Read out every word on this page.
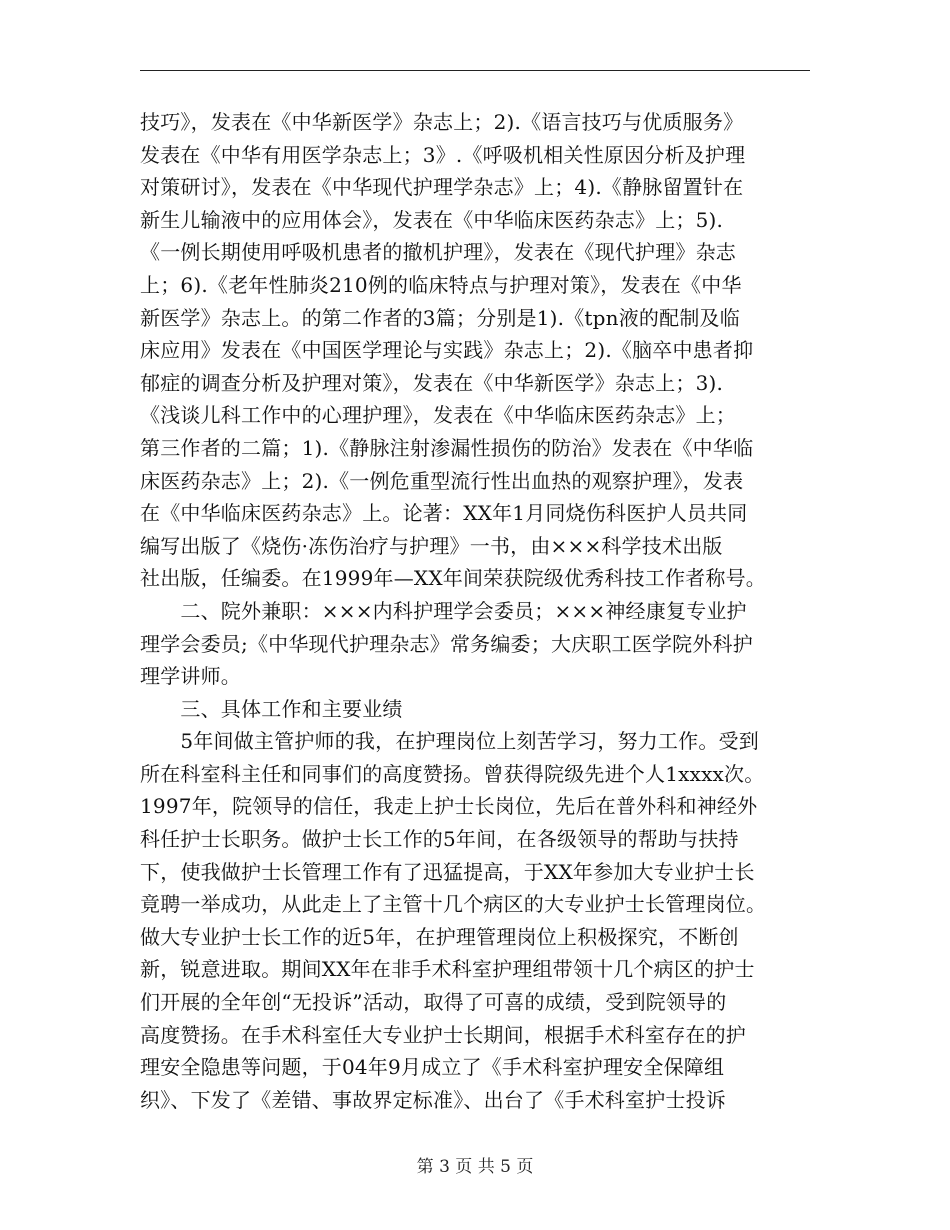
技巧》，发表在《中华新医学》杂志上；2).《语言技巧与优质服务》
发表在《中华有用医学杂志上；3》.《呼吸机相关性原因分析及护理
对策研讨》，发表在《中华现代护理学杂志》上；4).《静脉留置针在
新生儿输液中的应用体会》，发表在《中华临床医药杂志》上；5).
《一例长期使用呼吸机患者的撤机护理》，发表在《现代护理》杂志
上；6).《老年性肺炎210例的临床特点与护理对策》，发表在《中华
新医学》杂志上。的第二作者的3篇；分别是1).《tpn液的配制及临
床应用》发表在《中国医学理论与实践》杂志上；2).《脑卒中患者抑
郁症的调查分析及护理对策》，发表在《中华新医学》杂志上；3).
《浅谈儿科工作中的心理护理》，发表在《中华临床医药杂志》上；
第三作者的二篇；1).《静脉注射渗漏性损伤的防治》发表在《中华临
床医药杂志》上；2).《一例危重型流行性出血热的观察护理》，发表
在《中华临床医药杂志》上。论著：XX年1月同烧伤科医护人员共同
编写出版了《烧伤·冻伤治疗与护理》一书，由×××科学技术出版
社出版，任编委。在1999年—XX年间荣获院级优秀科技工作者称号。
　　二、院外兼职：×××内科护理学会委员；×××神经康复专业护
理学会委员;《中华现代护理杂志》常务编委；大庆职工医学院外科护
理学讲师。
　　三、具体工作和主要业绩
　　5年间做主管护师的我，在护理岗位上刻苦学习，努力工作。受到
所在科室科主任和同事们的高度赞扬。曾获得院级先进个人1xxxx次。
1997年，院领导的信任，我走上护士长岗位，先后在普外科和神经外
科任护士长职务。做护士长工作的5年间，在各级领导的帮助与扶持
下，使我做护士长管理工作有了迅猛提高，于XX年参加大专业护士长
竟聘一举成功，从此走上了主管十几个病区的大专业护士长管理岗位。
做大专业护士长工作的近5年，在护理管理岗位上积极探究，不断创
新，锐意进取。期间XX年在非手术科室护理组带领十几个病区的护士
们开展的全年创“无投诉”活动，取得了可喜的成绩，受到院领导的
高度赞扬。在手术科室任大专业护士长期间，根据手术科室存在的护
理安全隐患等问题，于04年9月成立了《手术科室护理安全保障组
织》、下发了《差错、事故界定标准》、出台了《手术科室护士投诉
第 3 页 共 5 页
